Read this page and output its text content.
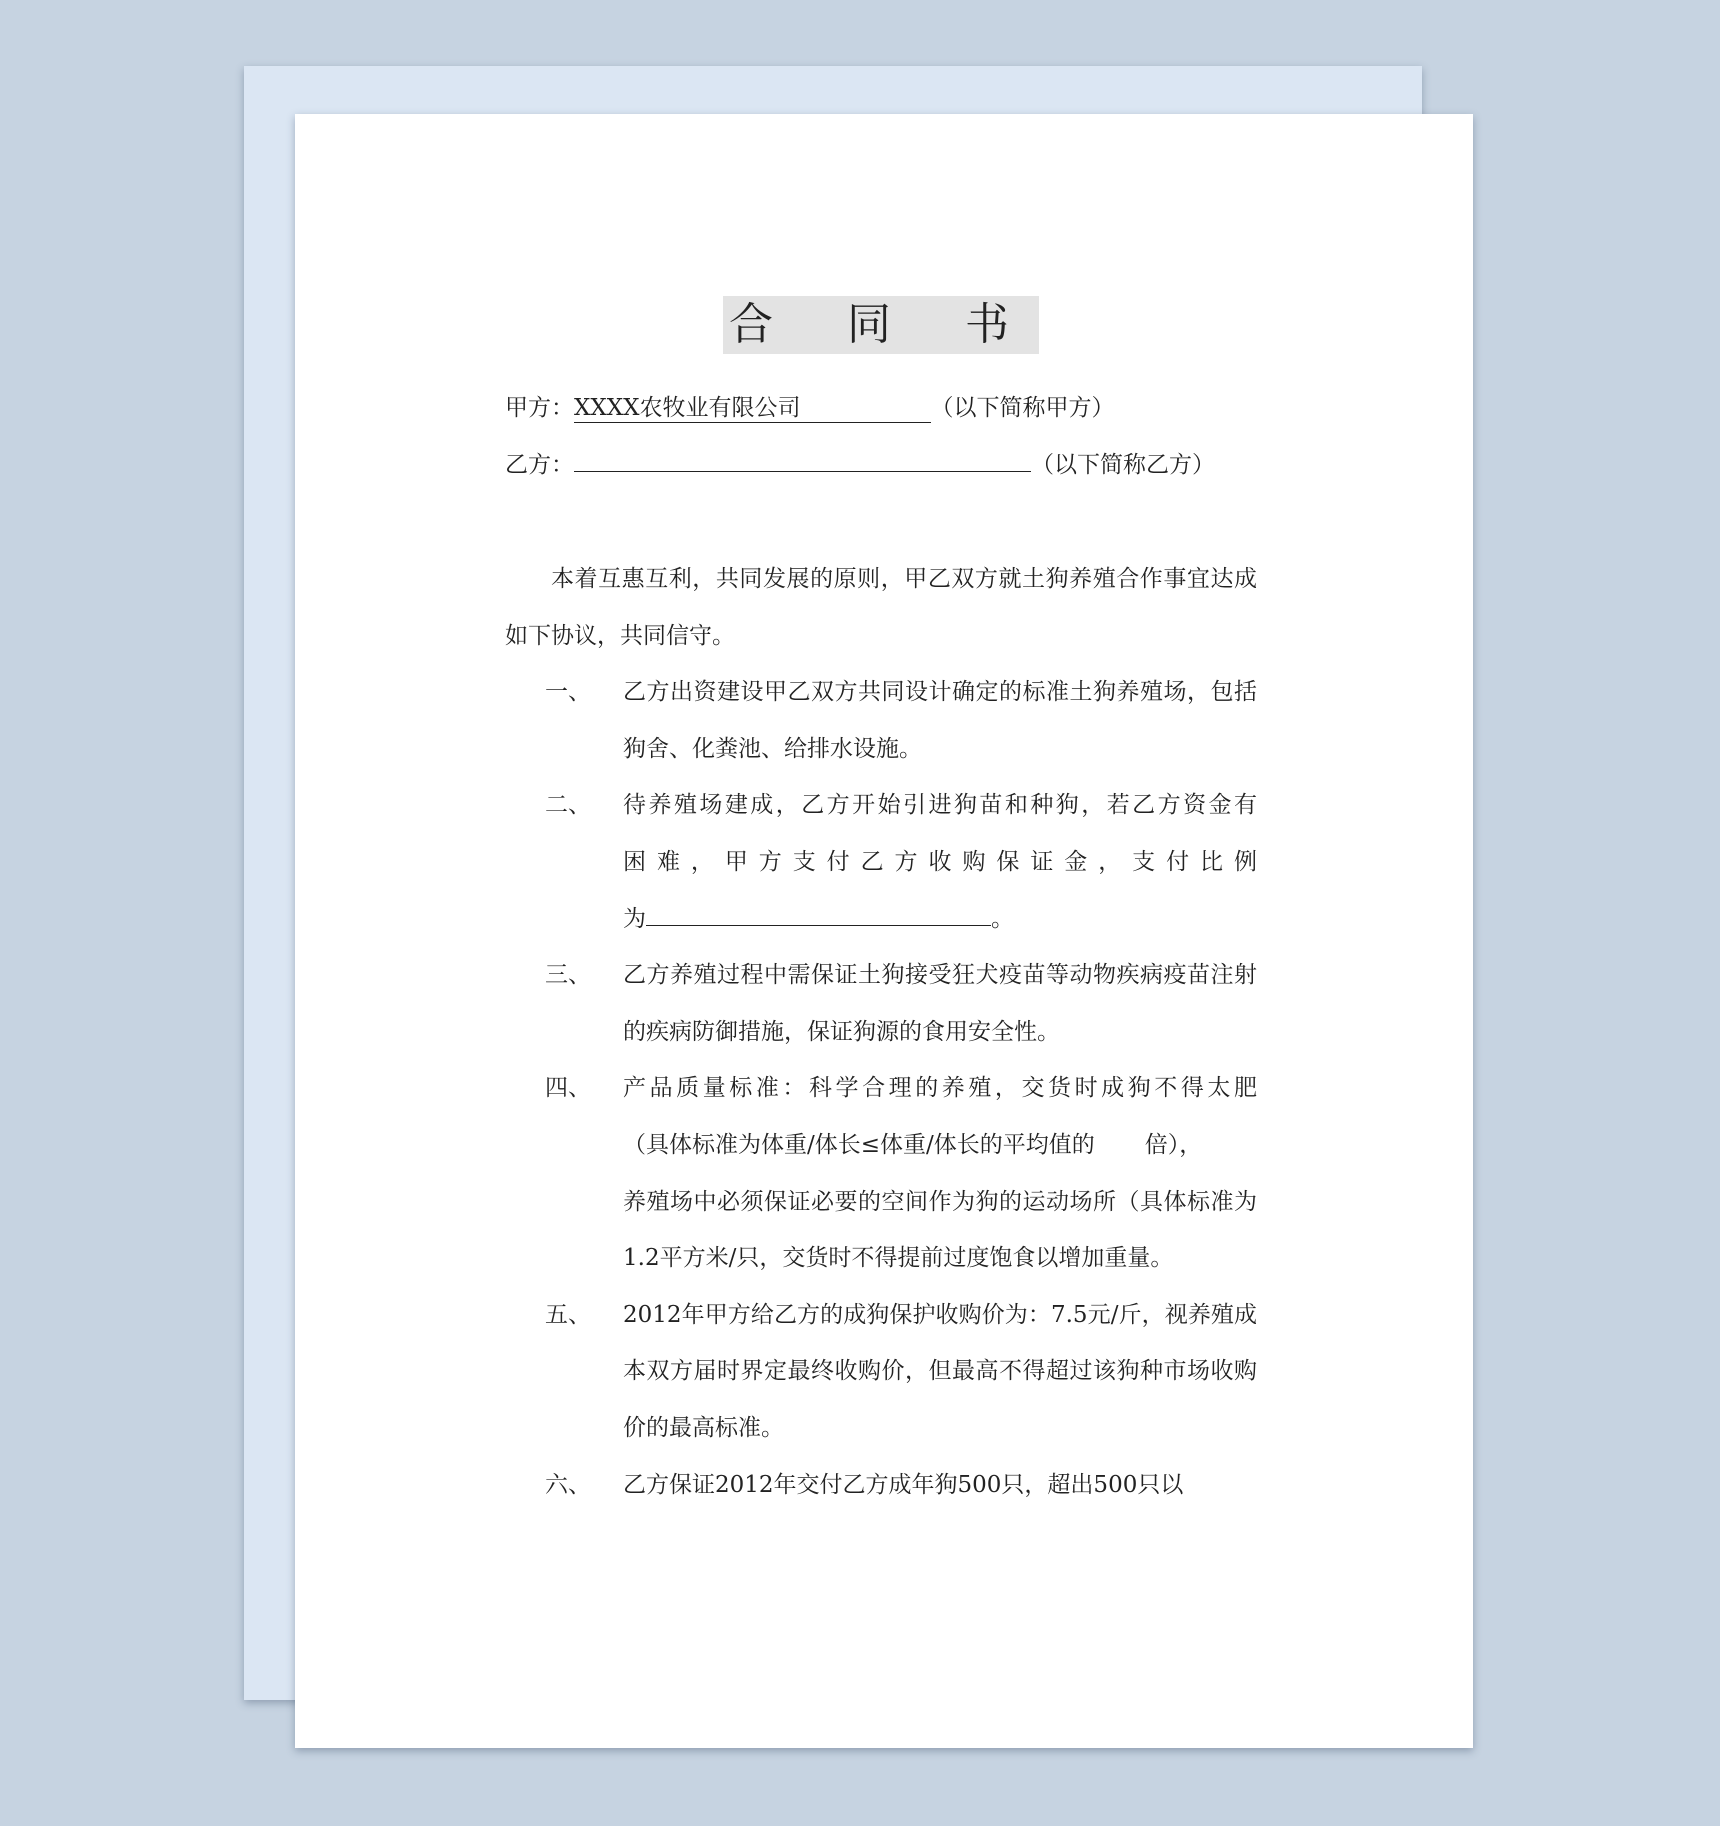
合 同 书
甲方：XXXX农牧业有限公司	（以下简称甲方）
乙方：	（以下简称乙方）

本着互惠互利，共同发展的原则，甲乙双方就土狗养殖合作事宜达成如下协议，共同信守。

一、 乙方出资建设甲乙双方共同设计确定的标准土狗养殖场，包括狗舍、化粪池、给排水设施。
二、 待养殖场建成，乙方开始引进狗苗和种狗，若乙方资金有
困难，甲方支付乙方收购保证金，支付比例
为	。
三、 乙方养殖过程中需保证土狗接受狂犬疫苗等动物疾病疫苗注射的疾病防御措施，保证狗源的食用安全性。
四、 产品质量标准：科学合理的养殖，交货时成狗不得太肥
（具体标准为体重/体长≤体重/体长的平均值的 倍），
养殖场中必须保证必要的空间作为狗的运动场所（具体标准为1.2平方米/只，交货时不得提前过度饱食以增加重量。
五、 2012年甲方给乙方的成狗保护收购价为：7.5元/斤，视养殖成本双方届时界定最终收购价，但最高不得超过该狗种市场收购价的最高标准。
六、 乙方保证2012年交付乙方成年狗500只，超出500只以
